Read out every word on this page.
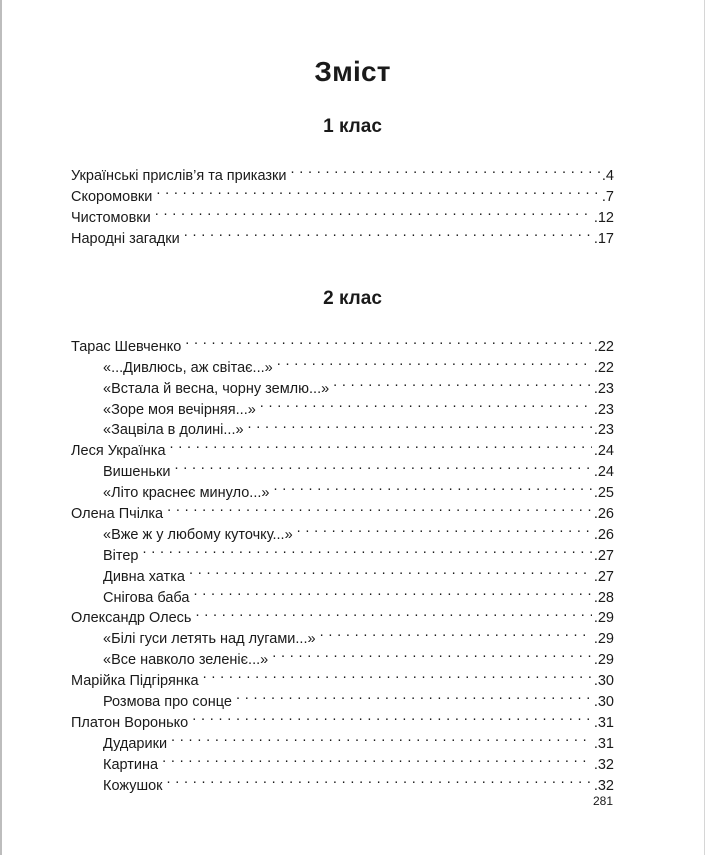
Зміст
1 клас
Українські прислів’я та приказки . . .	.4
Скоромовки . . .	.7
Чистомовки . . .	.12
Народні загадки . . .	.17
2 клас
Тарас Шевченко . . .	.22
«...Дивлюсь, аж світає...» . . .	.22
«Встала й весна, чорну землю...» . . .	.23
«Зоре моя вечірняя...» . . .	.23
«Зацвіла в долині...» . . .	.23
Леся Українка . . .	.24
Вишеньки . . .	.24
«Літо краснеє минуло...» . . .	.25
Олена Пчілка . . .	.26
«Вже ж у любому куточку...» . . .	.26
Вітер . . .	.27
Дивна хатка . . .	.27
Снігова баба . . .	.28
Олександр Олесь . . .	.29
«Білі гуси летять над лугами...» . . .	.29
«Все навколо зеленіє...» . . .	.29
Марійка Підгірянка . . .	.30
Розмова про сонце . . .	.30
Платон Воронько . . .	.31
Дударики . . .	.31
Картина . . .	.32
Кожушок . . .	.32
281
